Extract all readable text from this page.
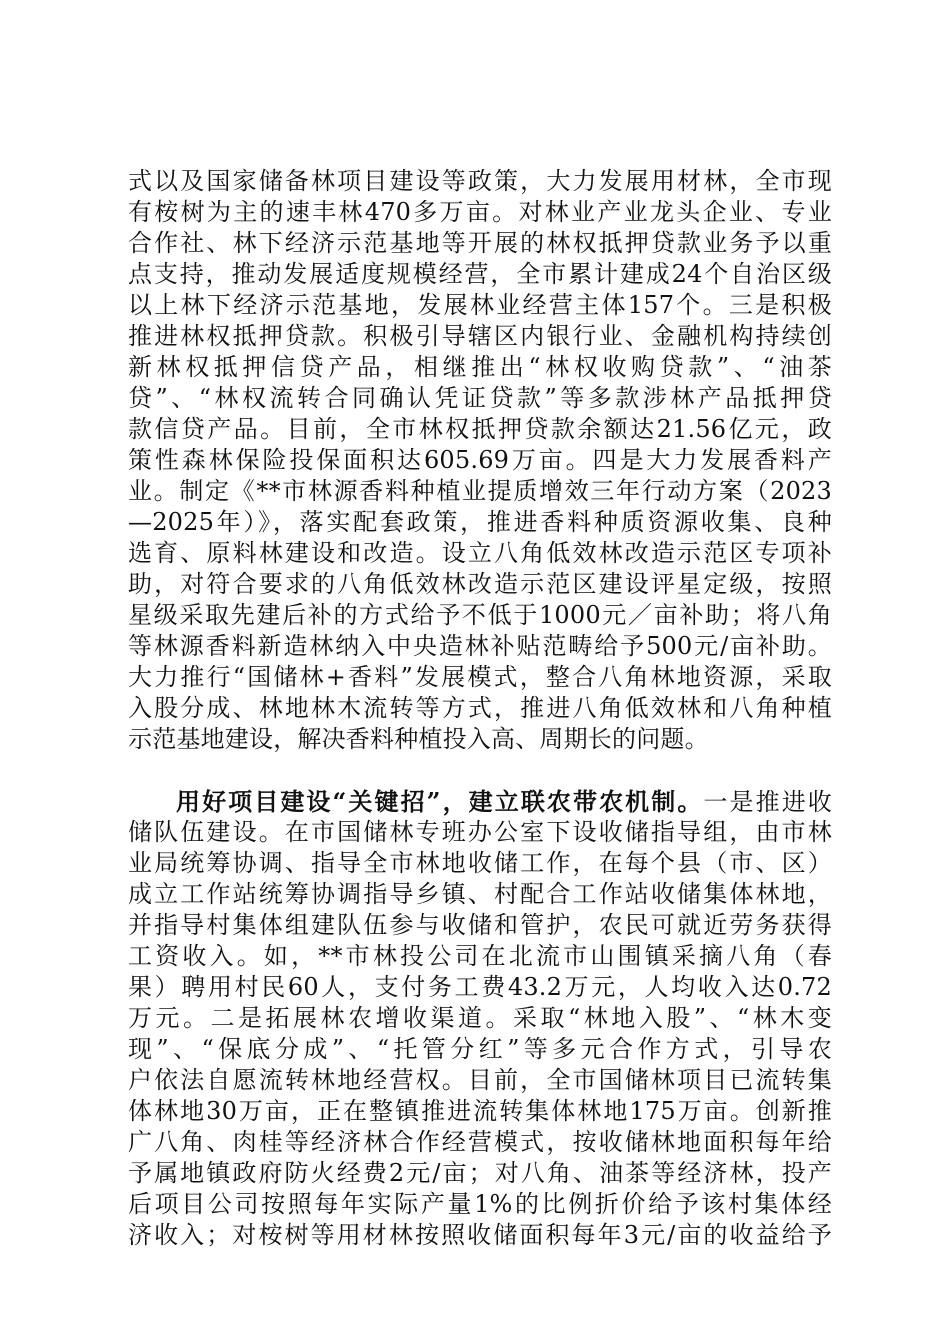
式以及国家储备林项目建设等政策，大力发展用材林，全市现
有桉树为主的速丰林470多万亩。对林业产业龙头企业、专业
合作社、林下经济示范基地等开展的林权抵押贷款业务予以重
点支持，推动发展适度规模经营，全市累计建成24个自治区级
以上林下经济示范基地，发展林业经营主体157个。三是积极
推进林权抵押贷款。积极引导辖区内银行业、金融机构持续创
新林权抵押信贷产品，相继推出“林权收购贷款”、“油茶
贷”、“林权流转合同确认凭证贷款”等多款涉林产品抵押贷
款信贷产品。目前，全市林权抵押贷款余额达21.56亿元，政
策性森林保险投保面积达605.69万亩。四是大力发展香料产
业。制定《**市林源香料种植业提质增效三年行动方案（2023
—2025年）》，落实配套政策，推进香料种质资源收集、良种
选育、原料林建设和改造。设立八角低效林改造示范区专项补
助，对符合要求的八角低效林改造示范区建设评星定级，按照
星级采取先建后补的方式给予不低于1000元／亩补助；将八角
等林源香料新造林纳入中央造林补贴范畴给予500元/亩补助。
大力推行“国储林+香料”发展模式，整合八角林地资源，采取
入股分成、林地林木流转等方式，推进八角低效林和八角种植
示范基地建设，解决香料种植投入高、周期长的问题。
用好项目建设“关键招”，建立联农带农机制。一是推进收
储队伍建设。在市国储林专班办公室下设收储指导组，由市林
业局统筹协调、指导全市林地收储工作，在每个县（市、区）
成立工作站统筹协调指导乡镇、村配合工作站收储集体林地，
并指导村集体组建队伍参与收储和管护，农民可就近劳务获得
工资收入。如，**市林投公司在北流市山围镇采摘八角（春
果）聘用村民60人，支付务工费43.2万元，人均收入达0.72
万元。二是拓展林农增收渠道。采取“林地入股”、“林木变
现”、“保底分成”、“托管分红”等多元合作方式，引导农
户依法自愿流转林地经营权。目前，全市国储林项目已流转集
体林地30万亩，正在整镇推进流转集体林地175万亩。创新推
广八角、肉桂等经济林合作经营模式，按收储林地面积每年给
予属地镇政府防火经费2元/亩；对八角、油茶等经济林，投产
后项目公司按照每年实际产量1%的比例折价给予该村集体经
济收入；对桉树等用材林按照收储面积每年3元/亩的收益给予
